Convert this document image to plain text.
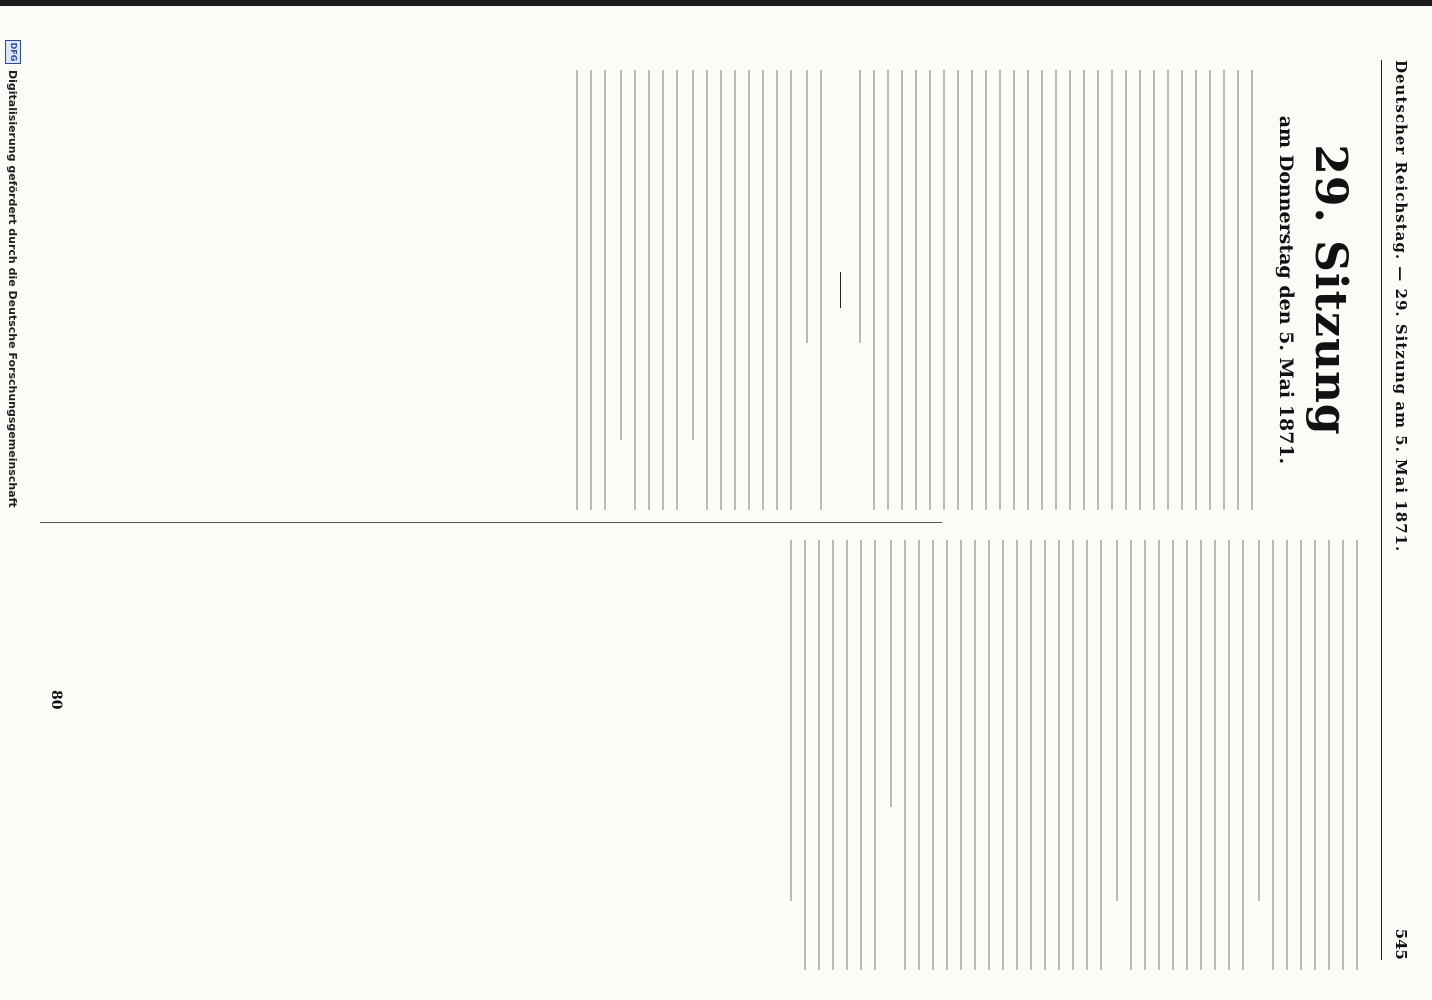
Deutscher Reichstag. — 29. Sitzung am 5. Mai 1871.
545
29. Sitzung
am Donnerstag den 5. Mai 1871.
80
DFG
Digitalisierung gefördert durch die Deutsche Forschungsgemeinschaft
